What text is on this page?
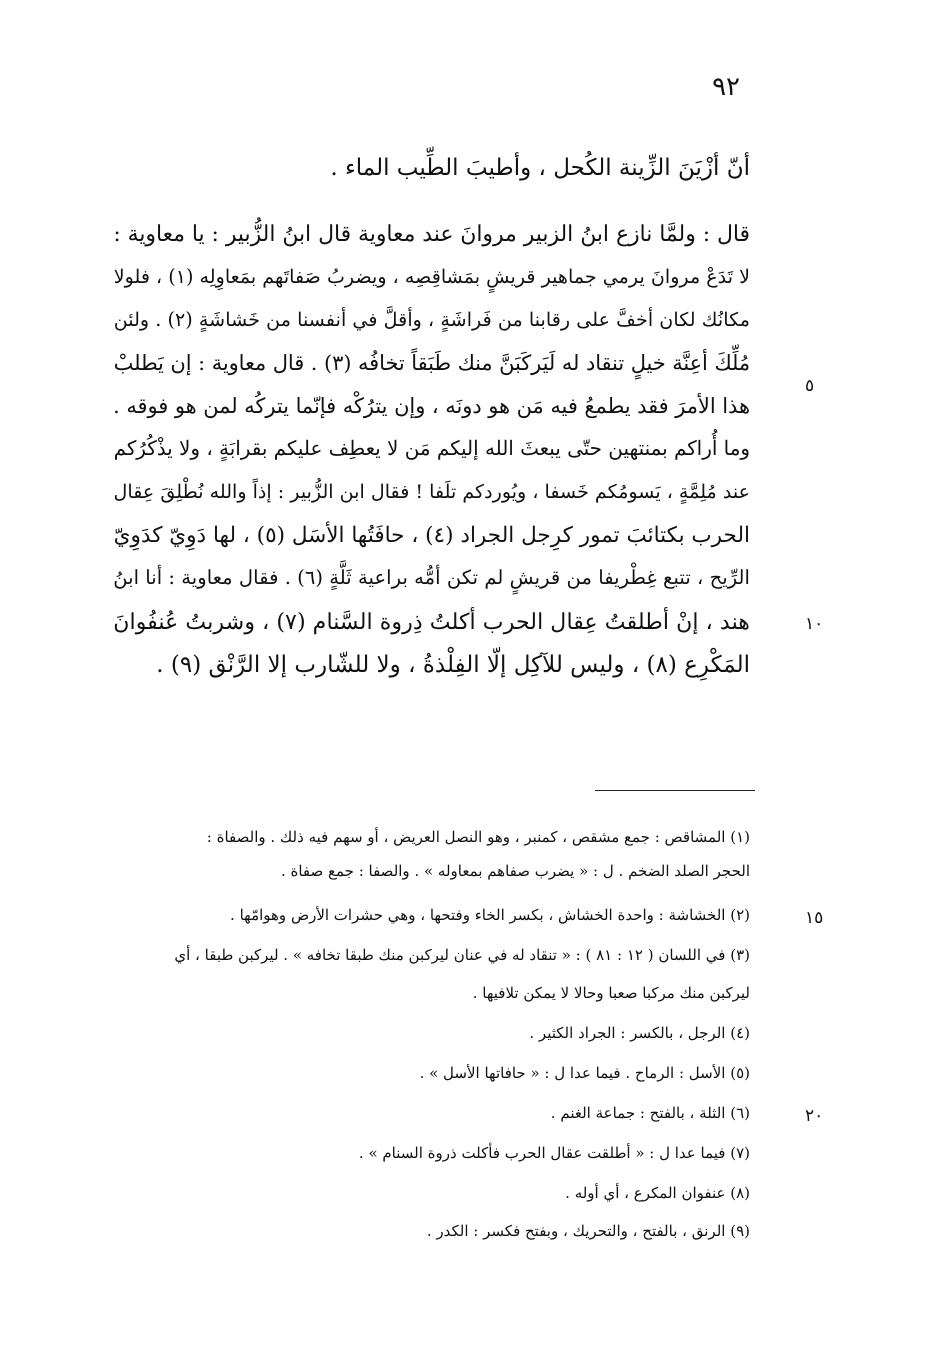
٩٢
أنّ أزْيَنَ الزِّينة الكُحل ، وأطيبَ الطِّيب الماء .
قال : ولمَّا نازع ابنُ الزبير مروانَ عند معاوية قال ابنُ الزُّبير : يا معاوية :
لا تَدَعْ مروانَ يرمي جماهير قريشٍ بمَشاقِصِه ، ويضربُ صَفاتَهم بمَعاوِلِه (١) ، فلولا
مكانُك لكان أخفَّ على رقابنا من فَراشَةٍ ، وأقلَّ في أنفسنا من خَشاشَةٍ (٢) . ولئن
مُلِّكَ أعِنَّة خيلٍ تنقاد له لَيَركَبَنَّ منك طَبَقاً تخافُه (٣) . قال معاوية : إن يَطلبْ
هذا الأمرَ فقد يطمعُ فيه مَن هو دونَه ، وإن يترُكْه فإنّما يتركُه لمن هو فوقه .
وما أُراكم بمنتهين حتّى يبعثَ الله إليكم مَن لا يعطِف عليكم بقرابَةٍ ، ولا يذْكُرُكم
عند مُلِمَّةٍ ، يَسومُكم خَسفا ، ويُوردكم تلَفا ! فقال ابن الزُّبير : إذاً والله نُطْلِقَ عِقال
الحرب بكتائبَ تمور كرِجل الجراد (٤) ، حافَتُها الأسَل (٥) ، لها دَوِيّ كدَوِيّ
الرِّيح ، تتبع غِطْريفا من قريشٍ لم تكن أمُّه براعية ثَلَّةٍ (٦) . فقال معاوية : أنا ابنُ
هند ، إنْ أطلقتُ عِقال الحرب أكلتُ ذِروة السَّنام (٧) ، وشربتُ عُنفُوانَ
المَكْرِع (٨) ، وليس للآكِل إلّا الفِلْذةُ ، ولا للشّارب إلا الرَّنْق (٩) .
٥
١٠
(١) المشاقص : جمع مشقص ، كمنبر ، وهو النصل العريض ، أو سهم فيه ذلك . والصفاة :
الحجر الصلد الضخم . ل : « يضرب صفاهم بمعاوله » . والصفا : جمع صفاة .
(٢) الخشاشة : واحدة الخشاش ، بكسر الخاء وفتحها ، وهي حشرات الأرض وهوامّها .
(٣) في اللسان ( ١٢ : ٨١ ) : « تنقاد له في عنان ليركبن منك طبقا تخافه » . ليركبن طبقا ، أي
ليركبن منك مركبا صعبا وحالا لا يمكن تلافيها .
(٤) الرجل ، بالكسر : الجراد الكثير .
(٥) الأسل : الرماح . فيما عدا ل : « حافاتها الأسل » .
(٦) الثلة ، بالفتح : جماعة الغنم .
(٧) فيما عدا ل : « أطلقت عقال الحرب فأكلت ذروة السنام » .
(٨) عنفوان المكرع ، أي أوله .
(٩) الرنق ، بالفتح ، والتحريك ، وبفتح فكسر : الكدر .
١٥
٢٠
